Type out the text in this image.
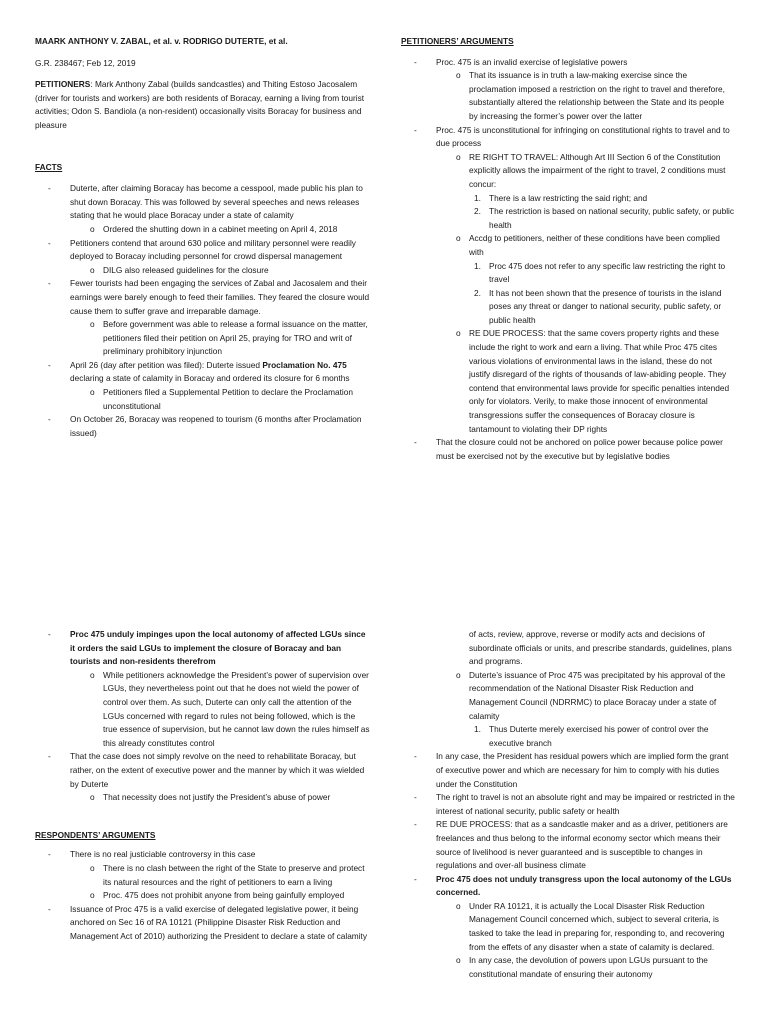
MAARK ANTHONY V. ZABAL, et al. v. RODRIGO DUTERTE, et al.

G.R. 238467; Feb 12, 2019

PETITIONERS: Mark Anthony Zabal (builds sandcastles) and Thiting Estoso Jacosalem (driver for tourists and workers) are both residents of Boracay, earning a living from tourist activities; Odon S. Bandiola (a non-resident) occasionally visits Boracay for business and pleasure

FACTS

- Duterte, after claiming Boracay has become a cesspool, made public his plan to shut down Boracay. This was followed by several speeches and news releases stating that he would place Boracay under a state of calamity
o Ordered the shutting down in a cabinet meeting on April 4, 2018
- Petitioners contend that around 630 police and military personnel were readily deployed to Boracay including personnel for crowd dispersal management
o DILG also released guidelines for the closure
- Fewer tourists had been engaging the services of Zabal and Jacosalem and their earnings were barely enough to feed their families. They feared the closure would cause them to suffer grave and irreparable damage.
o Before government was able to release a formal issuance on the matter, petitioners filed their petition on April 25, praying for TRO and writ of preliminary prohibitory injunction
- April 26 (day after petition was filed): Duterte issued Proclamation No. 475 declaring a state of calamity in Boracay and ordered its closure for 6 months
o Petitioners filed a Supplemental Petition to declare the Proclamation unconstitutional
- On October 26, Boracay was reopened to tourism (6 months after Proclamation issued)

PETITIONERS’ ARGUMENTS

- Proc. 475 is an invalid exercise of legislative powers
o That its issuance is in truth a law-making exercise since the proclamation imposed a restriction on the right to travel and therefore, substantially altered the relationship between the State and its people by increasing the former’s power over the latter
- Proc. 475 is unconstitutional for infringing on constitutional rights to travel and to due process
o RE RIGHT TO TRAVEL: Although Art III Section 6 of the Constitution explicitly allows the impairment of the right to travel, 2 conditions must concur:
1. There is a law restricting the said right; and
2. The restriction is based on national security, public safety, or public health
o Accdg to petitioners, neither of these conditions have been complied with
1. Proc 475 does not refer to any specific law restricting the right to travel
2. It has not been shown that the presence of tourists in the island poses any threat or danger to national security, public safety, or public health
o RE DUE PROCESS: that the same covers property rights and these include the right to work and earn a living. That while Proc 475 cites various violations of environmental laws in the island, these do not justify disregard of the rights of thousands of law-abiding people. They contend that environmental laws provide for specific penalties intended only for violators. Verily, to make those innocent of environmental transgressions suffer the consequences of Boracay closure is tantamount to violating their DP rights
- That the closure could not be anchored on police power because police power must be exercised not by the executive but by legislative bodies
- Proc 475 unduly impinges upon the local autonomy of affected LGUs since it orders the said LGUs to implement the closure of Boracay and ban tourists and non-residents therefrom
o While petitioners acknowledge the President’s power of supervision over LGUs, they nevertheless point out that he does not wield the power of control over them. As such, Duterte can only call the attention of the LGUs concerned with regard to rules not being followed, which is the true essence of supervision, but he cannot law down the rules himself as this already constitutes control
- That the case does not simply revolve on the need to rehabilitate Boracay, but rather, on the extent of executive power and the manner by which it was wielded by Duterte
o That necessity does not justify the President’s abuse of power

RESPONDENTS’ ARGUMENTS

- There is no real justiciable controversy in this case
o There is no clash between the right of the State to preserve and protect its natural resources and the right of petitioners to earn a living
o Proc. 475 does not prohibit anyone from being gainfully employed
- Issuance of Proc 475 is a valid exercise of delegated legislative power, it being anchored on Sec 16 of RA 10121 (Philippine Disaster Risk Reduction and Management Act of 2010) authorizing the President to declare a state of calamity

of acts, review, approve, reverse or modify acts and decisions of subordinate officials or units, and prescribe standards, guidelines, plans and programs.

o Duterte’s issuance of Proc 475 was precipitated by his approval of the recommendation of the National Disaster Risk Reduction and Management Council (NDRRMC) to place Boracay under a state of calamity
1. Thus Duterte merely exercised his power of control over the executive branch
- In any case, the President has residual powers which are implied form the grant of executive power and which are necessary for him to comply with his duties under the Constitution
- The right to travel is not an absolute right and may be impaired or restricted in the interest of national security, public safety or health
- RE DUE PROCESS: that as a sandcastle maker and as a driver, petitioners are freelances and thus belong to the informal economy sector which means their source of livelihood is never guaranteed and is susceptible to changes in regulations and over-all business climate
- Proc 475 does not unduly transgress upon the local autonomy of the LGUs concerned.
o Under RA 10121, it is actually the Local Disaster Risk Reduction Management Council concerned which, subject to several criteria, is tasked to take the lead in preparing for, responding to, and recovering from the effets of any disaster when a state of calamity is declared.
o In any case, the devolution of powers upon LGUs pursuant to the constitutional mandate of ensuring their autonomy
